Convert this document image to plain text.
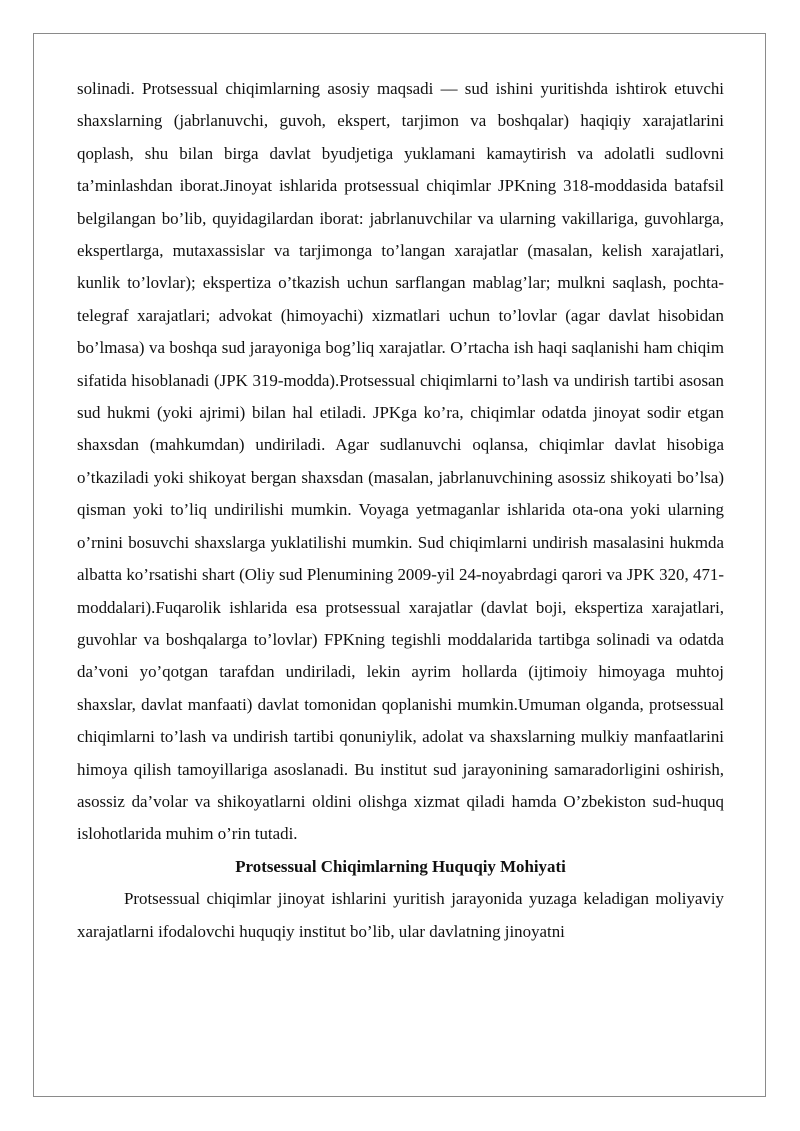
solinadi. Protsessual chiqimlarning asosiy maqsadi — sud ishini yuritishda ishtirok etuvchi shaxslarning (jabrlanuvchi, guvoh, ekspert, tarjimon va boshqalar) haqiqiy xarajatlarini qoplash, shu bilan birga davlat byudjetiga yuklamani kamaytirish va adolatli sudlovni ta’minlashdan iborat.Jinoyat ishlarida protsessual chiqimlar JPKning 318-moddasida batafsil belgilangan bo’lib, quyidagilardan iborat: jabrlanuvchilar va ularning vakillariga, guvohlarga, ekspertlarga, mutaxassislar va tarjimonga to’langan xarajatlar (masalan, kelish xarajatlari, kunlik to’lovlar); ekspertiza o’tkazish uchun sarflangan mablag’lar; mulkni saqlash, pochta-telegraf xarajatlari; advokat (himoyachi) xizmatlari uchun to’lovlar (agar davlat hisobidan bo’lmasa) va boshqa sud jarayoniga bog’liq xarajatlar. O’rtacha ish haqi saqlanishi ham chiqim sifatida hisoblanadi (JPK 319-modda).Protsessual chiqimlarni to’lash va undirish tartibi asosan sud hukmi (yoki ajrimi) bilan hal etiladi. JPKga ko’ra, chiqimlar odatda jinoyat sodir etgan shaxsdan (mahkumdan) undiriladi. Agar sudlanuvchi oqlansa, chiqimlar davlat hisobiga o’tkaziladi yoki shikoyat bergan shaxsdan (masalan, jabrlanuvchining asossiz shikoyati bo’lsa) qisman yoki to’liq undirilishi mumkin. Voyaga yetmaganlar ishlarida ota-ona yoki ularning o’rnini bosuvchi shaxslarga yuklatilishi mumkin. Sud chiqimlarni undirish masalasini hukmda albatta ko’rsatishi shart (Oliy sud Plenumining 2009-yil 24-noyabrdagi qarori va JPK 320, 471-moddalari).Fuqarolik ishlarida esa protsessual xarajatlar (davlat boji, ekspertiza xarajatlari, guvohlar va boshqalarga to’lovlar) FPKning tegishli moddalarida tartibga solinadi va odatda da’voni yo’qotgan tarafdan undiriladi, lekin ayrim hollarda (ijtimoiy himoyaga muhtoj shaxslar, davlat manfaati) davlat tomonidan qoplanishi mumkin.Umuman olganda, protsessual chiqimlarni to’lash va undirish tartibi qonuniylik, adolat va shaxslarning mulkiy manfaatlarini himoya qilish tamoyillariga asoslanadi. Bu institut sud jarayonining samaradorligini oshirish, asossiz da’volar va shikoyatlarni oldini olishga xizmat qiladi hamda O’zbekiston sud-huquq islohotlarida muhim o’rin tutadi.

Protsessual Chiqimlarning Huquqiy Mohiyati

Protsessual chiqimlar jinoyat ishlarini yuritish jarayonida yuzaga keladigan moliyaviy xarajatlarni ifodalovchi huquqiy institut bo’lib, ular davlatning jinoyatni
